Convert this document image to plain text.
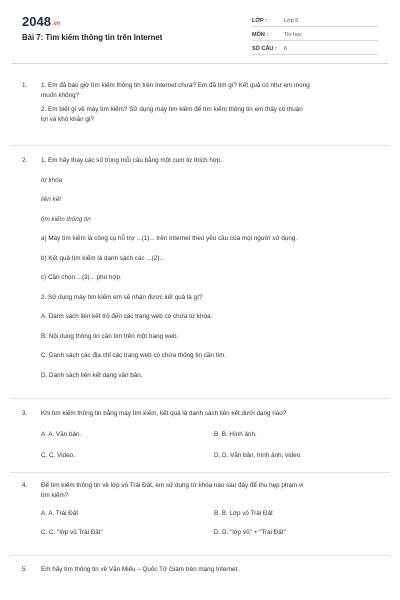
2048.vn
Bài 7: Tìm kiếm thông tin trên Internet
LỚP :	Lớp 6
MÔN :	Tin học
SỐ CÂU :	6
1. 1. Em đã bao giờ tìm kiếm thông tin trên Internet chưa? Em đã tìm gì? Kết quả có như em mong

muốn không?

2. Em biết gì về máy tìm kiếm? Sử dụng máy tìm kiếm để tìm kiếm thông tin em thấy có thuận

lợi và khó khăn gì?

2. 1. Em hãy thay các số trong mỗi câu bằng một cụm từ thích hợp.

từ khóa

liên kết

tìm kiếm thông tin

a) Máy tìm kiếm là công cụ hỗ trợ ...(1)... trên Internet theo yêu cầu của mọi người sử dụng.

b) Kết quả tìm kiếm là danh sách các ...(2)...

c) Cần chọn ...(3)... phù hợp.

2. Sử dụng máy tìm kiếm em sẽ nhận được kết quả là gì?

A. Danh sách liên kết trỏ đến các trang web có chứa từ khóa.

B. Nội dung thông tin cần tìm trên một trang web.

C. Danh sách các địa chỉ các trang web có chứa thông tin cần tìm.

D. Danh sách liên kết dạng văn bản.

3. Khi tìm kiếm thông tin bằng máy tìm kiếm, kết quả là danh sách liên kết dưới dạng nào?

A. A. Văn bản.	B. B. Hình ảnh.
C. C. Video.	D. D. Văn bản, hình ảnh, video.
4. Để tìm kiếm thông tin về lớp vỏ Trái Đất, em sử dụng từ khóa nào sau đây để thu hẹp phạm vi

tìm kiếm?

A. A. Trái Đất	B. B. Lớp vỏ Trái Đất
C. C. "lớp vỏ Trái Đất"	D. D. "lớp vỏ" + "Trái Đất"
5. Em hãy tìm thông tin về Văn Miếu – Quốc Tử Giám trên mạng Internet.
